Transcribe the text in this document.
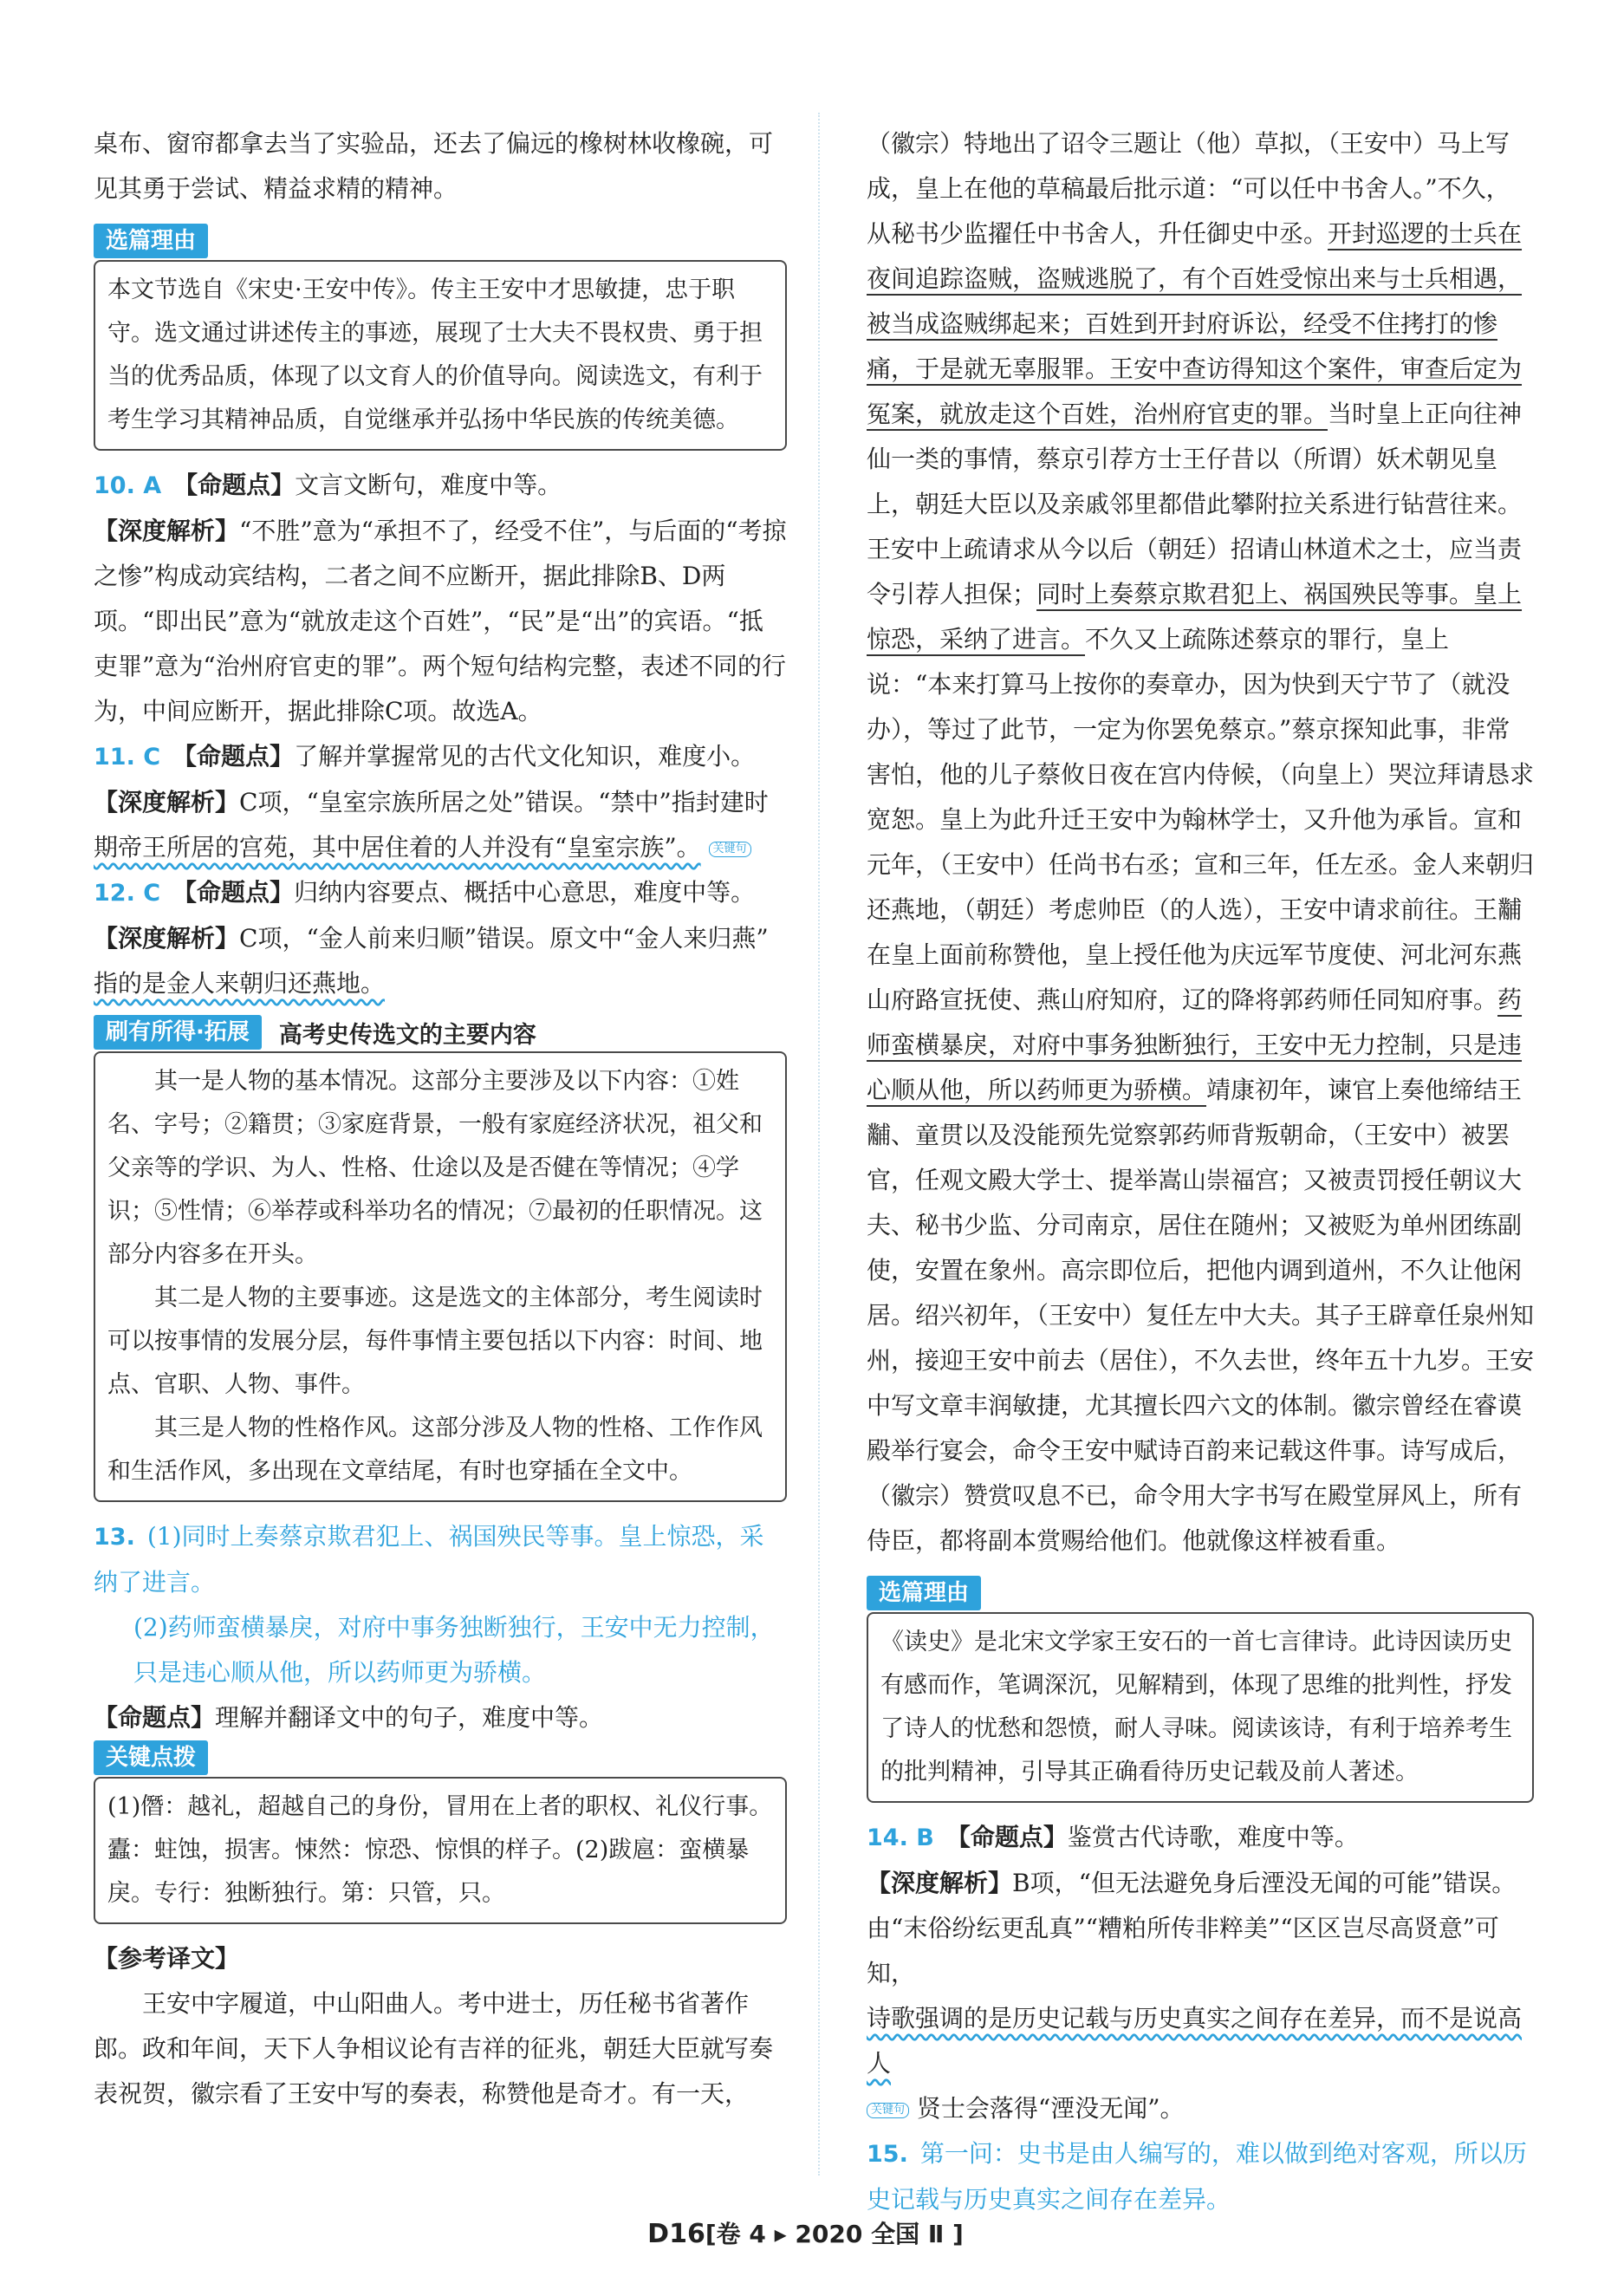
桌布、窗帘都拿去当了实验品，还去了偏远的橡树林收橡碗，可

见其勇于尝试、精益求精的精神。

选篇理由

本文节选自《宋史·王安中传》。传主王安中才思敏捷，忠于职守。选文通过讲述传主的事迹，展现了士大夫不畏权贵、勇于担当的优秀品质，体现了以文育人的价值导向。阅读选文，有利于考生学习其精神品质，自觉继承并弘扬中华民族的传统美德。

10. A 【命题点】文言文断句，难度中等。

【深度解析】“不胜”意为“承担不了，经受不住”，与后面的“考掠之惨”构成动宾结构，二者之间不应断开，据此排除B、D两项。“即出民”意为“就放走这个百姓”，“民”是“出”的宾语。“抵吏罪”意为“治州府官吏的罪”。两个短句结构完整，表述不同的行为，中间应断开，据此排除C项。故选A。

11. C 【命题点】了解并掌握常见的古代文化知识，难度小。

【深度解析】C项，“皇室宗族所居之处”错误。“禁中”指封建时

期帝王所居的宫苑，其中居住着的人并没有“皇室宗族”。 关键句

12. C 【命题点】归纳内容要点、概括中心意思，难度中等。

【深度解析】C项，“金人前来归顺”错误。原文中“金人来归燕”

指的是金人来朝归还燕地。

刷有所得·拓展	高考史传选文的主要内容

其一是人物的基本情况。这部分主要涉及以下内容：①姓名、字号；②籍贯；③家庭背景，一般有家庭经济状况，祖父和父亲等的学识、为人、性格、仕途以及是否健在等情况；④学识；⑤性情；⑥举荐或科举功名的情况；⑦最初的任职情况。这部分内容多在开头。

其二是人物的主要事迹。这是选文的主体部分，考生阅读时可以按事情的发展分层，每件事情主要包括以下内容：时间、地点、官职、人物、事件。

其三是人物的性格作风。这部分涉及人物的性格、工作作风和生活作风，多出现在文章结尾，有时也穿插在全文中。

13. (1)同时上奏蔡京欺君犯上、祸国殃民等事。皇上惊恐，采纳了进言。

(2)药师蛮横暴戾，对府中事务独断独行，王安中无力控制，只是违心顺从他，所以药师更为骄横。

【命题点】理解并翻译文中的句子，难度中等。

关键点拨

(1)僭：越礼，超越自己的身份，冒用在上者的职权、礼仪行事。蠹：蛀蚀，损害。悚然：惊恐、惊惧的样子。(2)跋扈：蛮横暴戾。专行：独断独行。第：只管，只。

【参考译文】

王安中字履道，中山阳曲人。考中进士，历任秘书省著作郎。政和年间，天下人争相议论有吉祥的征兆，朝廷大臣就写奏表祝贺，徽宗看了王安中写的奏表，称赞他是奇才。有一天，

（徽宗）特地出了诏令三题让（他）草拟，（王安中）马上写成，皇上在他的草稿最后批示道：“可以任中书舍人。”不久，从秘书少监擢任中书舍人，升任御史中丞。开封巡逻的士兵在夜间追踪盗贼，盗贼逃脱了，有个百姓受惊出来与士兵相遇，被当成盗贼绑起来；百姓到开封府诉讼，经受不住拷打的惨痛，于是就无辜服罪。王安中查访得知这个案件，审查后定为冤案，就放走这个百姓，治州府官吏的罪。当时皇上正向往神仙一类的事情，蔡京引荐方士王仔昔以（所谓）妖术朝见皇上，朝廷大臣以及亲戚邻里都借此攀附拉关系进行钻营往来。王安中上疏请求从今以后（朝廷）招请山林道术之士，应当责令引荐人担保；同时上奏蔡京欺君犯上、祸国殃民等事。皇上惊恐，采纳了进言。不久又上疏陈述蔡京的罪行，皇上说：“本来打算马上按你的奏章办，因为快到天宁节了（就没办），等过了此节，一定为你罢免蔡京。”蔡京探知此事，非常害怕，他的儿子蔡攸日夜在宫内侍候，（向皇上）哭泣拜请恳求宽恕。皇上为此升迁王安中为翰林学士，又升他为承旨。宣和元年，（王安中）任尚书右丞；宣和三年，任左丞。金人来朝归还燕地，（朝廷）考虑帅臣（的人选），王安中请求前往。王黼在皇上面前称赞他，皇上授任他为庆远军节度使、河北河东燕山府路宣抚使、燕山府知府，辽的降将郭药师任同知府事。药师蛮横暴戾，对府中事务独断独行，王安中无力控制，只是违心顺从他，所以药师更为骄横。靖康初年，谏官上奏他缔结王黼、童贯以及没能预先觉察郭药师背叛朝命，（王安中）被罢官，任观文殿大学士、提举嵩山崇福宫；又被责罚授任朝议大夫、秘书少监、分司南京，居住在随州；又被贬为单州团练副使，安置在象州。高宗即位后，把他内调到道州，不久让他闲居。绍兴初年，（王安中）复任左中大夫。其子王辟章任泉州知州，接迎王安中前去（居住），不久去世，终年五十九岁。王安中写文章丰润敏捷，尤其擅长四六文的体制。徽宗曾经在睿谟殿举行宴会，命令王安中赋诗百韵来记载这件事。诗写成后，（徽宗）赞赏叹息不已，命令用大字书写在殿堂屏风上，所有侍臣，都将副本赏赐给他们。他就像这样被看重。

选篇理由

《读史》是北宋文学家王安石的一首七言律诗。此诗因读历史有感而作，笔调深沉，见解精到，体现了思维的批判性，抒发了诗人的忧愁和怨愤，耐人寻味。阅读该诗，有利于培养考生的批判精神，引导其正确看待历史记载及前人著述。

14. B 【命题点】鉴赏古代诗歌，难度中等。

【深度解析】B项，“但无法避免身后湮没无闻的可能”错误。由“末俗纷纭更乱真”“糟粕所传非粹美”“区区岂尽高贤意”可知，

诗歌强调的是历史记载与历史真实之间存在差异，而不是说高人

关键句 贤士会落得“湮没无闻”。

15. 第一问：史书是由人编写的，难以做到绝对客观，所以历史记载与历史真实之间存在差异。

D16[卷 4 ▸ 2020 全国 Ⅱ ]
